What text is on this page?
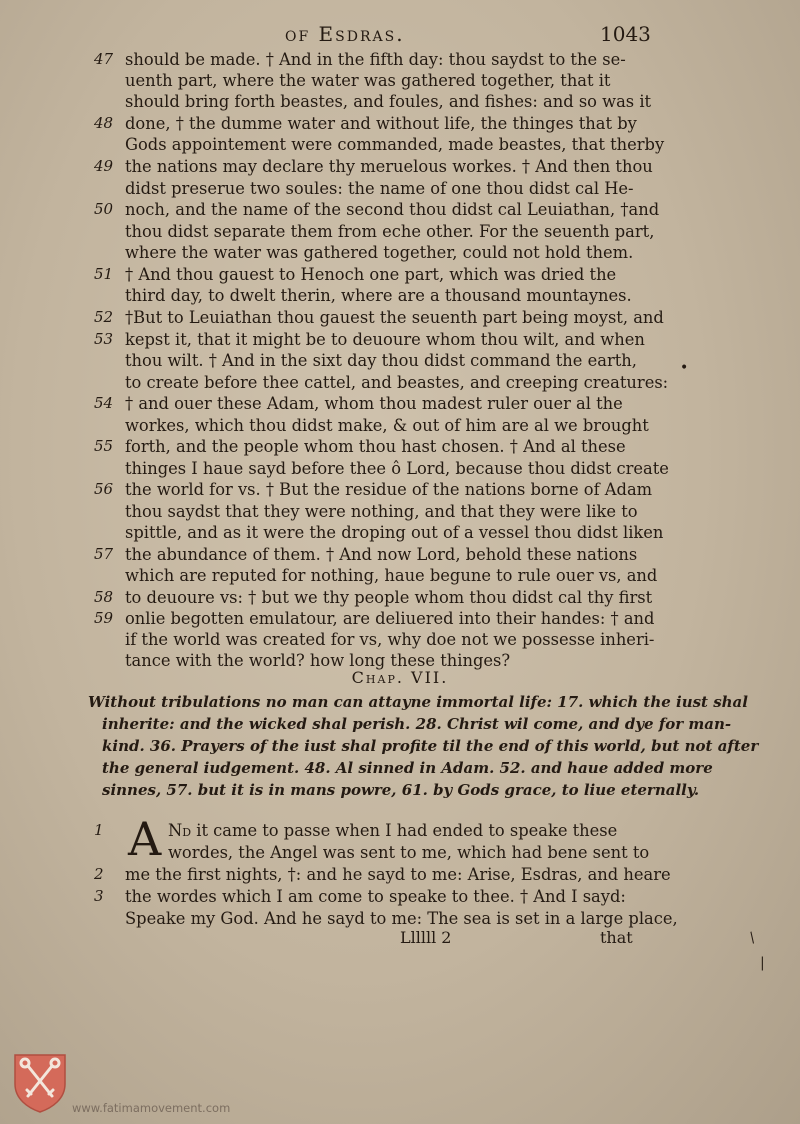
of Esdras.	1043
47 should be made. † And in the fifth day: thou saydst to the se-
uenth part, where the water was gathered together, that it
should bring forth beastes, and foules, and fishes: and so was it
48 done, † the dumme water and without life, the thinges that by
Gods appointement were commanded, made beastes, that therby
49 the nations may declare thy meruelous workes. † And then thou
didst preserue two soules: the name of one thou didst cal He-
50 noch, and the name of the second thou didst cal Leuiathan, †and
thou didst separate them from eche other. For the seuenth part,
where the water was gathered together, could not hold them.
51 † And thou gauest to Henoch one part, which was dried the
third day, to dwelt therin, where are a thousand mountaynes.
52 †But to Leuiathan thou gauest the seuenth part being moyst, and
53 kepst it, that it might be to deuoure whom thou wilt, and when
thou wilt. † And in the sixt day thou didst command the earth,
to create before thee cattel, and beastes, and creeping creatures:
54 † and ouer these Adam, whom thou madest ruler ouer al the
workes, which thou didst make, & out of him are al we brought
55 forth, and the people whom thou hast chosen. † And al these
thinges I haue sayd before thee ô Lord, because thou didst create
56 the world for vs. † But the residue of the nations borne of Adam
thou saydst that they were nothing, and that they were like to
spittle, and as it were the droping out of a vessel thou didst liken
57 the abundance of them. † And now Lord, behold these nations
which are reputed for nothing, haue begune to rule ouer vs, and
58 to deuoure vs: † but we thy people whom thou didst cal thy first
59 onlie begotten emulatour, are deliuered into their handes: † and
if the world was created for vs, why doe not we possesse inheri-
tance with the world? how long these thinges?
Chap. VII.
Without tribulations no man can attayne immortal life: 17. which the iust shal
inherite: and the wicked shal perish. 28. Christ wil come, and dye for man-
kind. 36. Prayers of the iust shal profite til the end of this world, but not after
the general iudgement. 48. Al sinned in Adam. 52. and haue added more
sinnes, 57. but it is in mans powre, 61. by Gods grace, to liue eternally.
A
1	Nd it came to passe when I had ended to speake these
wordes, the Angel was sent to me, which had bene sent to
2	me the first nights, †: and he sayd to me: Arise, Esdras, and heare
3	the wordes which I am come to speake to thee. † And I sayd:
Speake my God. And he sayd to me: The sea is set in a large place,
Llllll 2	that
•
/
|
www.fatimamovement.com
